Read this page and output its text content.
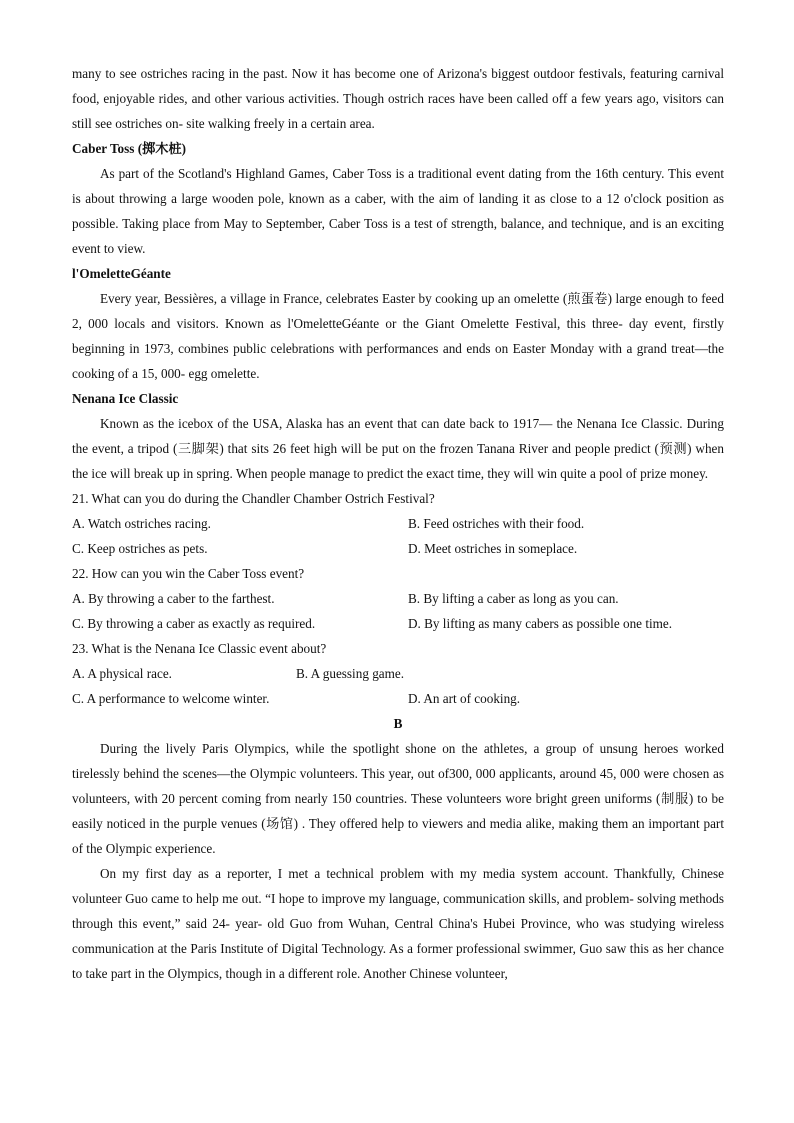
many to see ostriches racing in the past. Now it has become one of Arizona's biggest outdoor festivals, featuring carnival food, enjoyable rides, and other various activities. Though ostrich races have been called off a few years ago, visitors can still see ostriches on- site walking freely in a certain area.

Caber Toss (掷木桩)

As part of the Scotland's Highland Games, Caber Toss is a traditional event dating from the 16th century. This event is about throwing a large wooden pole, known as a caber, with the aim of landing it as close to a 12 o'clock position as possible. Taking place from May to September, Caber Toss is a test of strength, balance, and technique, and is an exciting event to view.

l'OmeletteGéante

Every year, Bessières, a village in France, celebrates Easter by cooking up an omelette (煎蛋卷) large enough to feed 2, 000 locals and visitors. Known as l'OmeletteGéante or the Giant Omelette Festival, this three- day event, firstly beginning in 1973, combines public celebrations with performances and ends on Easter Monday with a grand treat—the cooking of a 15, 000- egg omelette.

Nenana Ice Classic

Known as the icebox of the USA, Alaska has an event that can date back to 1917— the Nenana Ice Classic. During the event, a tripod (三脚架) that sits 26 feet high will be put on the frozen Tanana River and people predict (预测) when the ice will break up in spring. When people manage to predict the exact time, they will win quite a pool of prize money.

21. What can you do during the Chandler Chamber Ostrich Festival?

A. Watch ostriches racing.	B. Feed ostriches with their food.
C. Keep ostriches as pets.	D. Meet ostriches in someplace.

22. How can you win the Caber Toss event?

A. By throwing a caber to the farthest.	B. By lifting a caber as long as you can.
C. By throwing a caber as exactly as required.	D. By lifting as many cabers as possible one time.

23. What is the Nenana Ice Classic event about?

A. A physical race.	B. A guessing game.
C. A performance to welcome winter.	D. An art of cooking.

B

During the lively Paris Olympics, while the spotlight shone on the athletes, a group of unsung heroes worked tirelessly behind the scenes—the Olympic volunteers. This year, out of300, 000 applicants, around 45, 000 were chosen as volunteers, with 20 percent coming from nearly 150 countries. These volunteers wore bright green uniforms (制服) to be easily noticed in the purple venues (场馆) . They offered help to viewers and media alike, making them an important part of the Olympic experience.

On my first day as a reporter, I met a technical problem with my media system account. Thankfully, Chinese volunteer Guo came to help me out. “I hope to improve my language, communication skills, and problem- solving methods through this event,” said 24- year- old Guo from Wuhan, Central China's Hubei Province, who was studying wireless communication at the Paris Institute of Digital Technology. As a former professional swimmer, Guo saw this as her chance to take part in the Olympics, though in a different role. Another Chinese volunteer,
